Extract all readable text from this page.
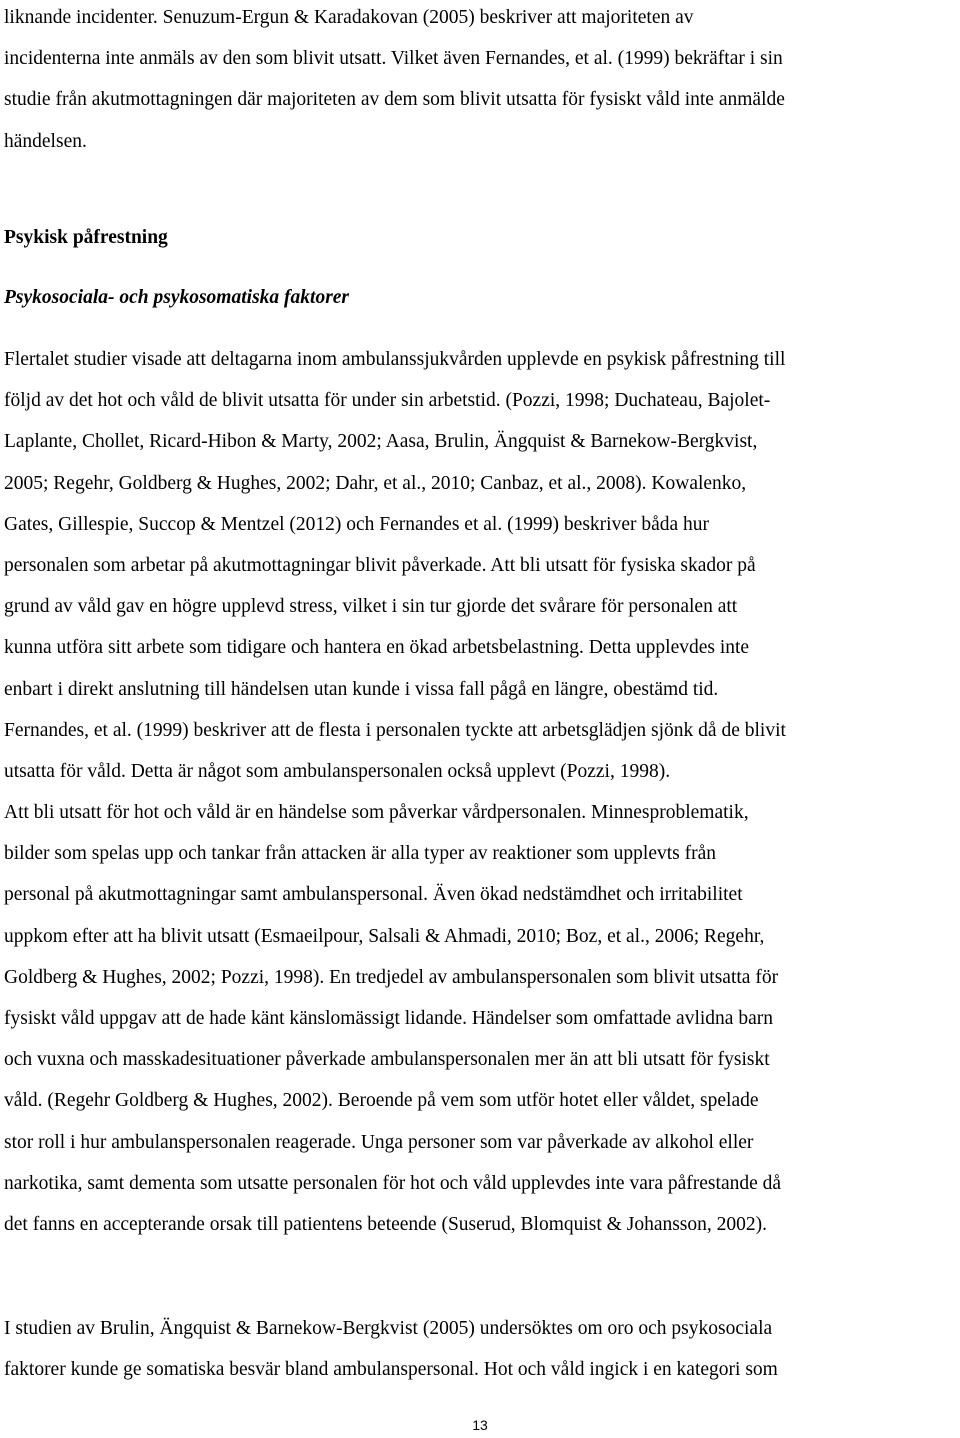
liknande incidenter. Senuzum-Ergun & Karadakovan (2005) beskriver att majoriteten av
incidenterna inte anmäls av den som blivit utsatt. Vilket även Fernandes, et al. (1999) bekräftar i sin
studie från akutmottagningen där majoriteten av dem som blivit utsatta för fysiskt våld inte anmälde
händelsen.
Psykisk påfrestning
Psykosociala- och psykosomatiska faktorer
Flertalet studier visade att deltagarna inom ambulanssjukvården upplevde en psykisk påfrestning till
följd av det hot och våld de blivit utsatta för under sin arbetstid. (Pozzi, 1998; Duchateau, Bajolet-
Laplante, Chollet, Ricard-Hibon & Marty, 2002; Aasa, Brulin, Ängquist & Barnekow-Bergkvist,
2005; Regehr, Goldberg & Hughes, 2002; Dahr, et al., 2010; Canbaz, et al., 2008). Kowalenko,
Gates, Gillespie, Succop & Mentzel (2012) och Fernandes et al. (1999) beskriver båda hur
personalen som arbetar på akutmottagningar blivit påverkade. Att bli utsatt för fysiska skador på
grund av våld gav en högre upplevd stress, vilket i sin tur gjorde det svårare för personalen att
kunna utföra sitt arbete som tidigare och hantera en ökad arbetsbelastning. Detta upplevdes inte
enbart i direkt anslutning till händelsen utan kunde i vissa fall pågå en längre, obestämd tid.
Fernandes, et al. (1999) beskriver att de flesta i personalen tyckte att arbetsglädjen sjönk då de blivit
utsatta för våld. Detta är något som ambulanspersonalen också upplevt (Pozzi, 1998).
Att bli utsatt för hot och våld är en händelse som påverkar vårdpersonalen. Minnesproblematik,
bilder som spelas upp och tankar från attacken är alla typer av reaktioner som upplevts från
personal på akutmottagningar samt ambulanspersonal. Även ökad nedstämdhet och irritabilitet
uppkom efter att ha blivit utsatt (Esmaeilpour, Salsali & Ahmadi, 2010; Boz, et al., 2006; Regehr,
Goldberg & Hughes, 2002; Pozzi, 1998). En tredjedel av ambulanspersonalen som blivit utsatta för
fysiskt våld uppgav att de hade känt känslomässigt lidande. Händelser som omfattade avlidna barn
och vuxna och masskadesituationer påverkade ambulanspersonalen mer än att bli utsatt för fysiskt
våld. (Regehr Goldberg & Hughes, 2002). Beroende på vem som utför hotet eller våldet, spelade
stor roll i hur ambulanspersonalen reagerade. Unga personer som var påverkade av alkohol eller
narkotika, samt dementa som utsatte personalen för hot och våld upplevdes inte vara påfrestande då
det fanns en accepterande orsak till patientens beteende (Suserud, Blomquist & Johansson, 2002).
I studien av Brulin, Ängquist & Barnekow-Bergkvist (2005) undersöktes om oro och psykosociala
faktorer kunde ge somatiska besvär bland ambulanspersonal. Hot och våld ingick i en kategori som
13
